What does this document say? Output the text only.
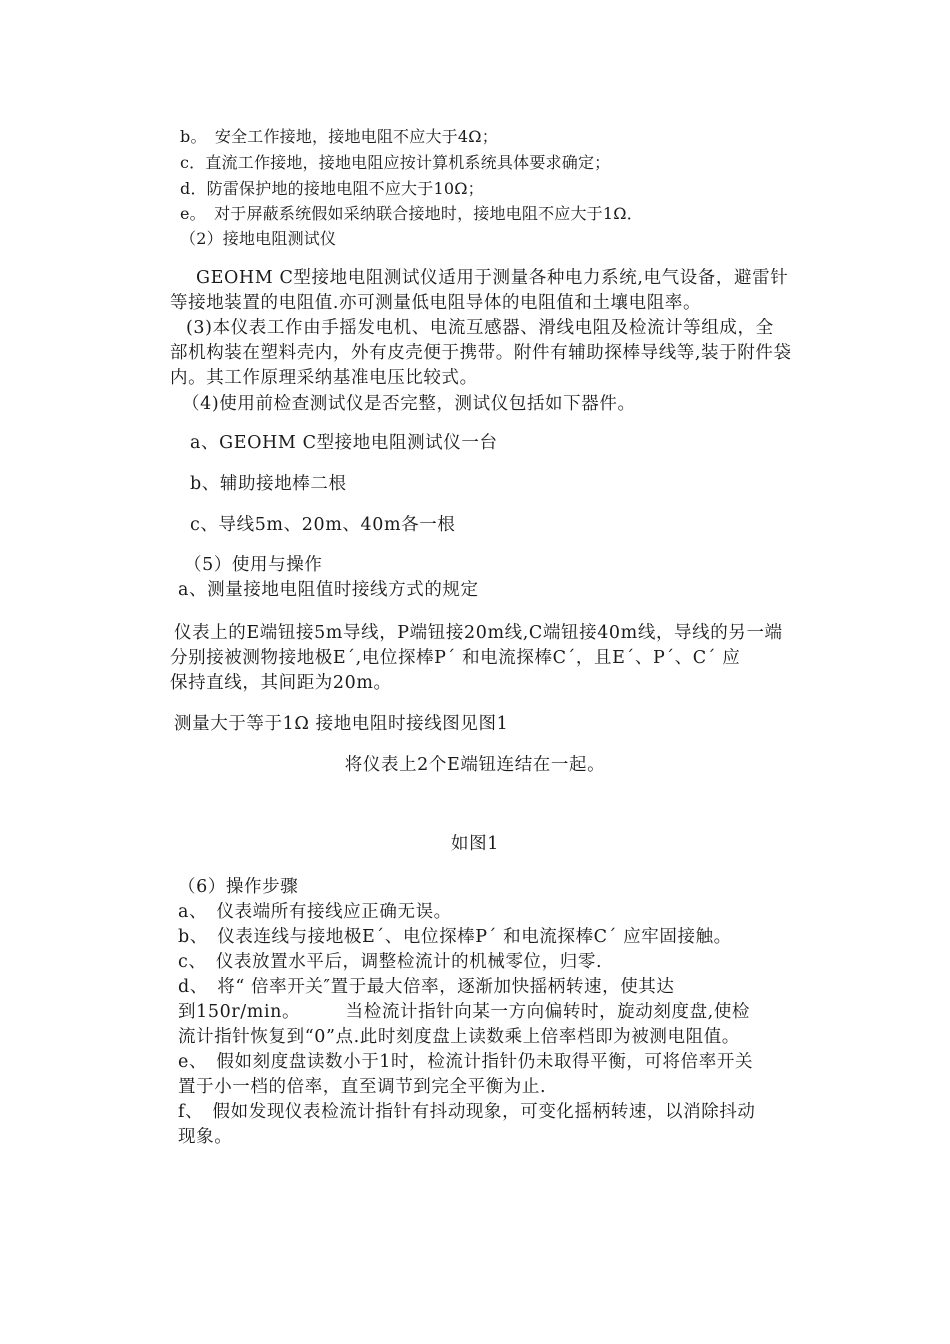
b。　安全工作接地，接地电阻不应大于4Ω；
c．直流工作接地，接地电阻应按计算机系统具体要求确定；
d．防雷保护地的接地电阻不应大于10Ω；
e。　对于屏蔽系统假如采纳联合接地时，接地电阻不应大于1Ω．
（2）接地电阻测试仪
GEOHM C型接地电阻测试仪适用于测量各种电力系统,电气设备，避雷针
等接地装置的电阻值.亦可测量低电阻导体的电阻值和土壤电阻率。
(3)本仪表工作由手摇发电机、电流互感器、滑线电阻及检流计等组成，全
部机构装在塑料壳内，外有皮壳便于携带。附件有辅助探棒导线等,装于附件袋
内。其工作原理采纳基准电压比较式。
（4)使用前检查测试仪是否完整，测试仪包括如下器件。
a、GEOHM C型接地电阻测试仪一台
b、辅助接地棒二根
c、导线5m、20m、40m各一根
（5）使用与操作
a、测量接地电阻值时接线方式的规定
仪表上的E端钮接5m导线，P端钮接20m线,C端钮接40m线，导线的另一端
分别接被测物接地极E´,电位探棒P´ 和电流探棒C´，且E´、P´、C´ 应
保持直线，其间距为20m。
测量大于等于1Ω 接地电阻时接线图见图1
将仪表上2个E端钮连结在一起。
如图1
（6）操作步骤
a、　仪表端所有接线应正确无误。
b、　仪表连线与接地极E´、电位探棒P´ 和电流探棒C´ 应牢固接触。
c、　仪表放置水平后，调整检流计的机械零位，归零.
d、　将“ 倍率开关″置于最大倍率，逐渐加快摇柄转速，使其达
到150r/min。　　　当检流计指针向某一方向偏转时，旋动刻度盘,使检
流计指针恢复到“0”点.此时刻度盘上读数乘上倍率档即为被测电阻值。
e、　假如刻度盘读数小于1时，检流计指针仍未取得平衡，可将倍率开关
置于小一档的倍率，直至调节到完全平衡为止.
f、　假如发现仪表检流计指针有抖动现象，可变化摇柄转速，以消除抖动
现象。
